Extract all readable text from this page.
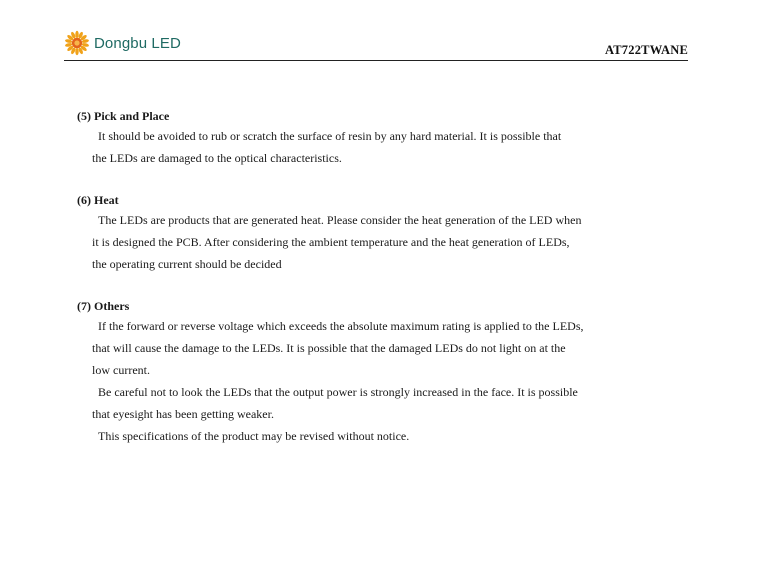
Dongbu LED	AT722TWANE

(5) Pick and Place

It should be avoided to rub or scratch the surface of resin by any hard material. It is possible that

the LEDs are damaged to the optical characteristics.

(6) Heat

The LEDs are products that are generated heat. Please consider the heat generation of the LED when

it is designed the PCB. After considering the ambient temperature and the heat generation of LEDs,

the operating current should be decided

(7) Others

If the forward or reverse voltage which exceeds the absolute maximum rating is applied to the LEDs,

that will cause the damage to the LEDs. It is possible that the damaged LEDs do not light on at the

low current.

Be careful not to look the LEDs that the output power is strongly increased in the face. It is possible

that eyesight has been getting weaker.

This specifications of the product may be revised without notice.
